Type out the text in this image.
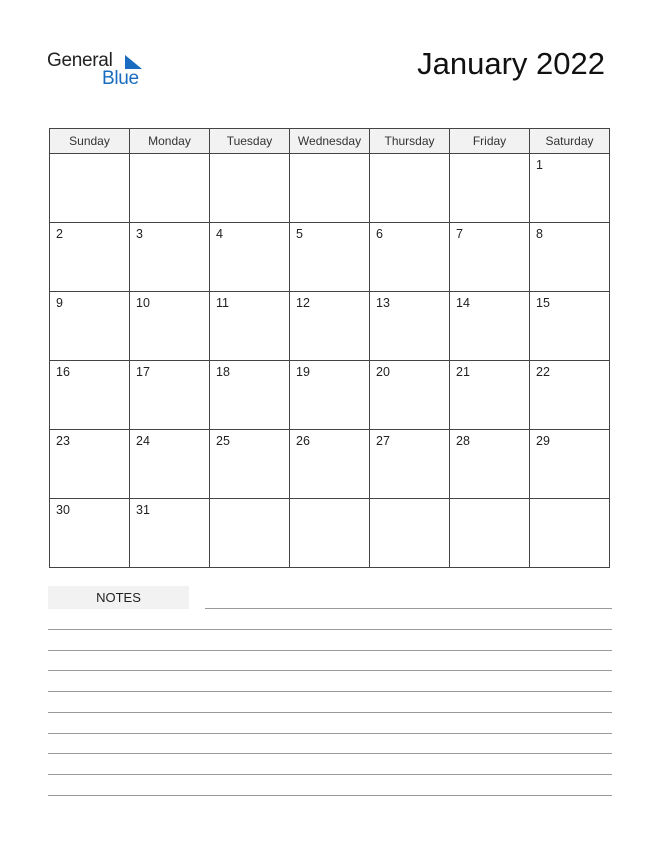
General
Blue	January 2022
Sunday	Monday	Tuesday	Wednesday	Thursday	Friday	Saturday

						1

2	3	4	5	6	7	8

9	10	11	12	13	14	15

16	17	18	19	20	21	22

23	24	25	26	27	28	29

30	31					

NOTES
